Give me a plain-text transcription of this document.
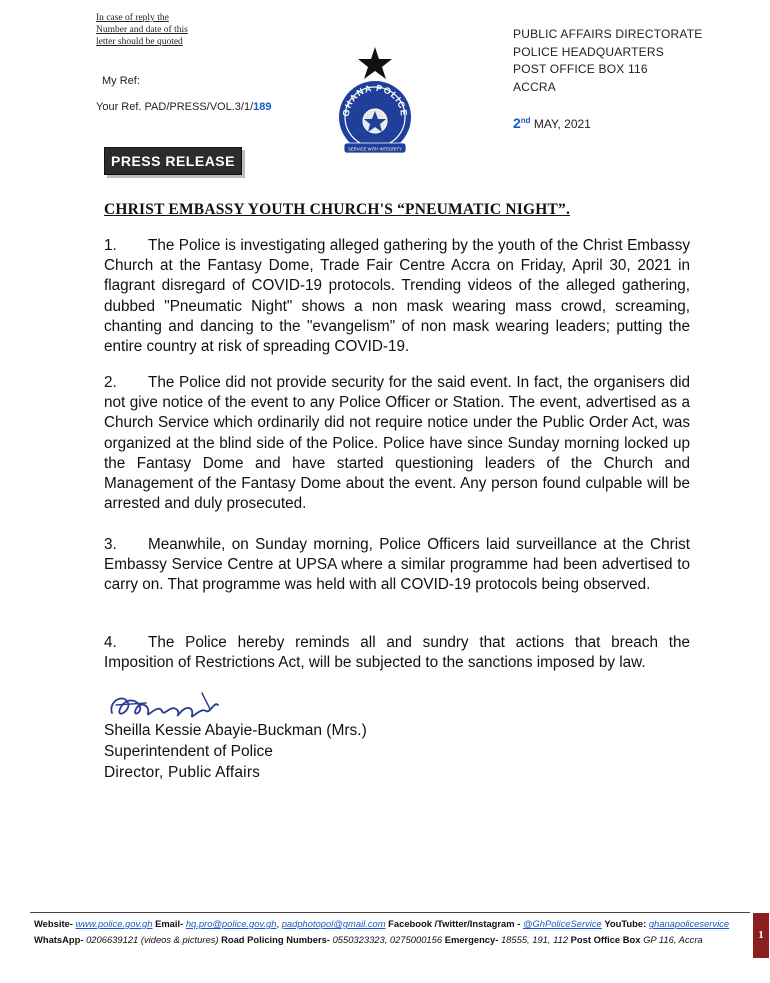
In case of reply the
Number and date of this
letter should be quoted
My Ref:
Your Ref. PAD/PRESS/VOL.3/1/189	GHANA POLICE
SERVICE WITH INTEGRITY
PUBLIC AFFAIRS DIRECTORATE
POLICE HEADQUARTERS
POST OFFICE BOX 116
ACCRA
2nd MAY, 2021
PRESS RELEASE
CHRIST EMBASSY YOUTH CHURCH'S “PNEUMATIC NIGHT”.
1. The Police is investigating alleged gathering by the youth of the Christ Embassy Church at the Fantasy Dome, Trade Fair Centre Accra on Friday, April 30, 2021 in flagrant disregard of COVID-19 protocols. Trending videos of the alleged gathering, dubbed "Pneumatic Night" shows a non mask wearing mass crowd, screaming, chanting and dancing to the "evangelism" of non mask wearing leaders; putting the entire country at risk of spreading COVID-19.
2. The Police did not provide security for the said event. In fact, the organisers did not give notice of the event to any Police Officer or Station. The event, advertised as a Church Service which ordinarily did not require notice under the Public Order Act, was organized at the blind side of the Police. Police have since Sunday morning locked up the Fantasy Dome and have started questioning leaders of the Church and Management of the Fantasy Dome about the event. Any person found culpable will be arrested and duly prosecuted.
3. Meanwhile, on Sunday morning, Police Officers laid surveillance at the Christ Embassy Service Centre at UPSA where a similar programme had been advertised to carry on. That programme was held with all COVID-19 protocols being observed.
4. The Police hereby reminds all and sundry that actions that breach the Imposition of Restrictions Act, will be subjected to the sanctions imposed by law.
Sheilla Kessie Abayie-Buckman (Mrs.)
Superintendent of Police
Director, Public Affairs
Website- www.police.gov.gh Email- hq.pro@police.gov.gh, padphotopol@gmail.com Facebook /Twitter/Instagram - @GhPoliceService YouTube: ghanapoliceservice
WhatsApp- 0206639121 (videos & pictures) Road Policing Numbers- 0550323323, 0275000156 Emergency- 18555, 191, 112 Post Office Box GP 116, Accra	1
